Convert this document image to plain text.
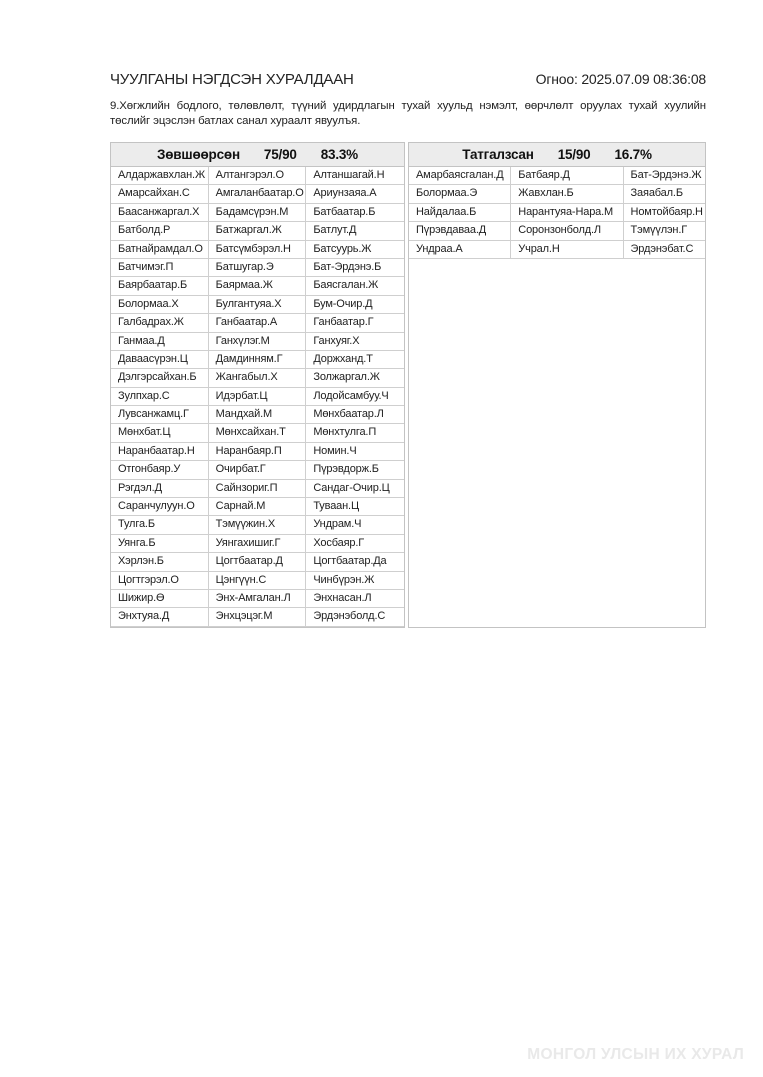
ЧУУЛГАНЫ НЭГДСЭН ХУРАЛДААН	Огноо: 2025.07.09 08:36:08

9.Хөгжлийн бодлого, төлөвлөлт, түүний удирдлагын тухай хуульд нэмэлт, өөрчлөлт оруулах тухай хуулийн төслийг эцэслэн батлах санал хураалт явуулъя.

Зөвшөөрсөн 75/90 83.3%
Алдаржавхлан.Ж Алтангэрэл.О	Алтаншагай.Н
Амарсайхан.С	Амгаланбаатар.О Ариунзаяа.А
Баасанжаргал.Х	Бадамсүрэн.М	Батбаатар.Б
Батболд.Р	Батжаргал.Ж	Батлут.Д
Батнайрамдал.О	Батсүмбэрэл.Н	Батсуурь.Ж
Батчимэг.П	Батшугар.Э	Бат-Эрдэнэ.Б
Баярбаатар.Б	Баярмаа.Ж	Баясгалан.Ж
Болормаа.Х	Булгантуяа.Х	Бум-Очир.Д
Галбадрах.Ж	Ганбаатар.А	Ганбаатар.Г
Ганмаа.Д	Ганхүлэг.М	Ганхуяг.Х
Даваасүрэн.Ц	Дамдинням.Г	Доржханд.Т
Дэлгэрсайхан.Б	Жангабыл.Х	Золжаргал.Ж
Зулпхар.С	Идэрбат.Ц	Лодойсамбуу.Ч
Лувсанжамц.Г	Мандхай.М	Мөнхбаатар.Л
Мөнхбат.Ц	Мөнхсайхан.Т	Мөнхтулга.П
Наранбаатар.Н	Наранбаяр.П	Номин.Ч
Отгонбаяр.У	Очирбат.Г	Пүрэвдорж.Б
Рэгдэл.Д	Сайнзориг.П	Сандаг-Очир.Ц
Саранчулуун.О	Сарнай.М	Туваан.Ц
Тулга.Б	Тэмүүжин.Х	Ундрам.Ч
Уянга.Б	Уянгахишиг.Г	Хосбаяр.Г
Хэрлэн.Б	Цогтбаатар.Д	Цогтбаатар.Да
Цогтгэрэл.О	Цэнгүүн.С	Чинбүрэн.Ж
Шижир.Ө	Энх-Амгалан.Л	Энхнасан.Л
Энхтуяа.Д	Энхцэцэг.М	Эрдэнэболд.С
Татгалзсан 15/90 16.7%
Амарбаясгалан.Д	Батбаяр.Д	Бат-Эрдэнэ.Ж
Болормаа.Э	Жавхлан.Б	Заяабал.Б
Найдалаа.Б	Нарантуяа-Нара.М	Номтойбаяр.Н
Пүрэвдаваа.Д	Соронзонболд.Л	Тэмүүлэн.Г
Ундраа.А	Учрал.Н	Эрдэнэбат.С
МОНГОЛ УЛСЫН ИХ ХУРАЛ
